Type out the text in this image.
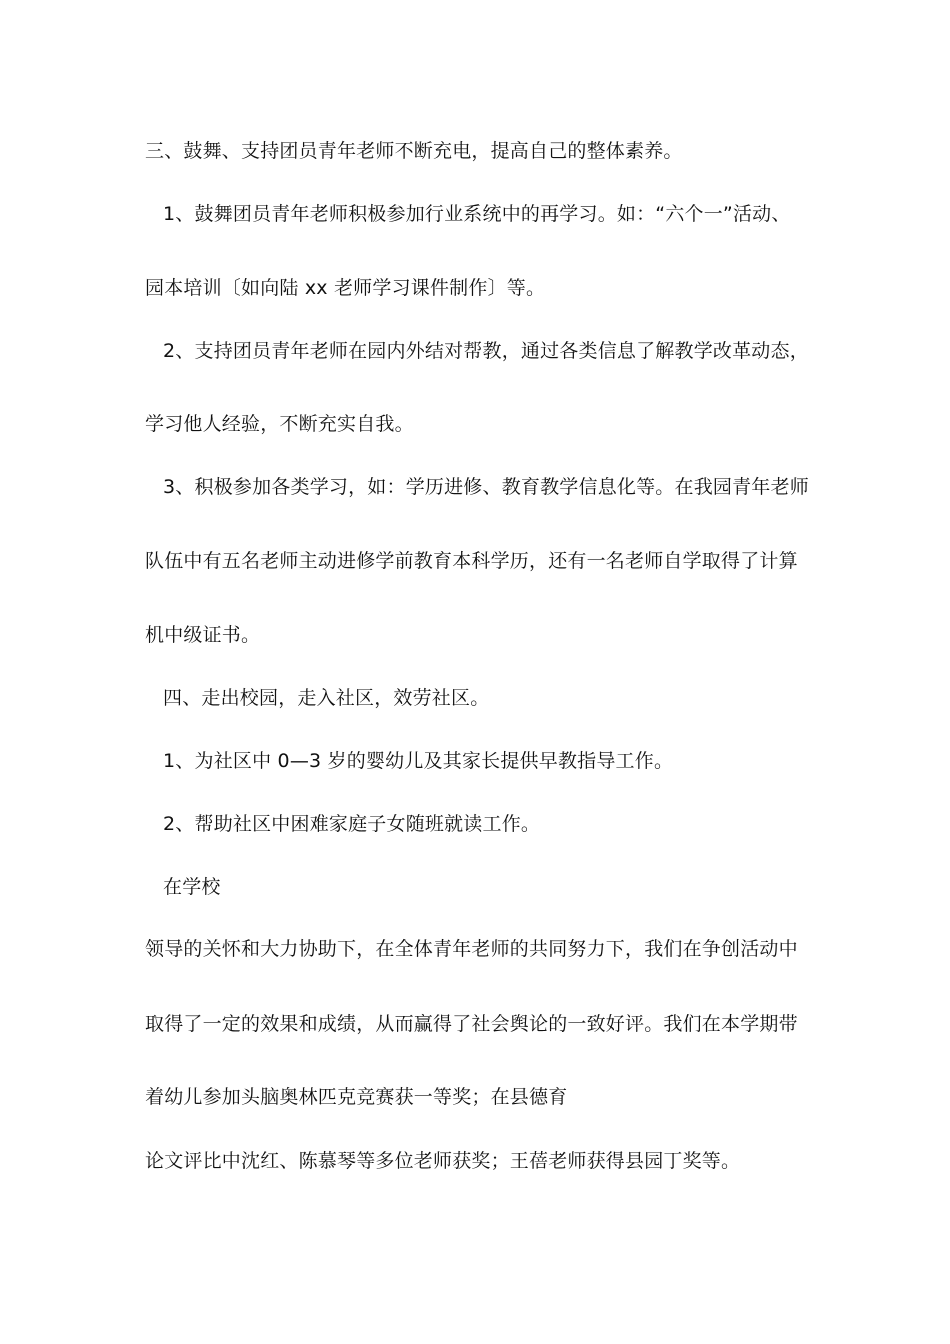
三、鼓舞、支持团员青年老师不断充电，提高自己的整体素养。
1、鼓舞团员青年老师积极参加行业系统中的再学习。如：“六个一”活动、
园本培训〔如向陆 xx 老师学习课件制作〕等。
2、支持团员青年老师在园内外结对帮教，通过各类信息了解教学改革动态，
学习他人经验，不断充实自我。
3、积极参加各类学习，如：学历进修、教育教学信息化等。在我园青年老师
队伍中有五名老师主动进修学前教育本科学历，还有一名老师自学取得了计算
机中级证书。
四、走出校园，走入社区，效劳社区。
1、为社区中 0—3 岁的婴幼儿及其家长提供早教指导工作。
2、帮助社区中困难家庭子女随班就读工作。
在学校
领导的关怀和大力协助下，在全体青年老师的共同努力下，我们在争创活动中
取得了一定的效果和成绩，从而赢得了社会舆论的一致好评。我们在本学期带
着幼儿参加头脑奥林匹克竞赛获一等奖；在县德育
论文评比中沈红、陈慕琴等多位老师获奖；王蓓老师获得县园丁奖等。
